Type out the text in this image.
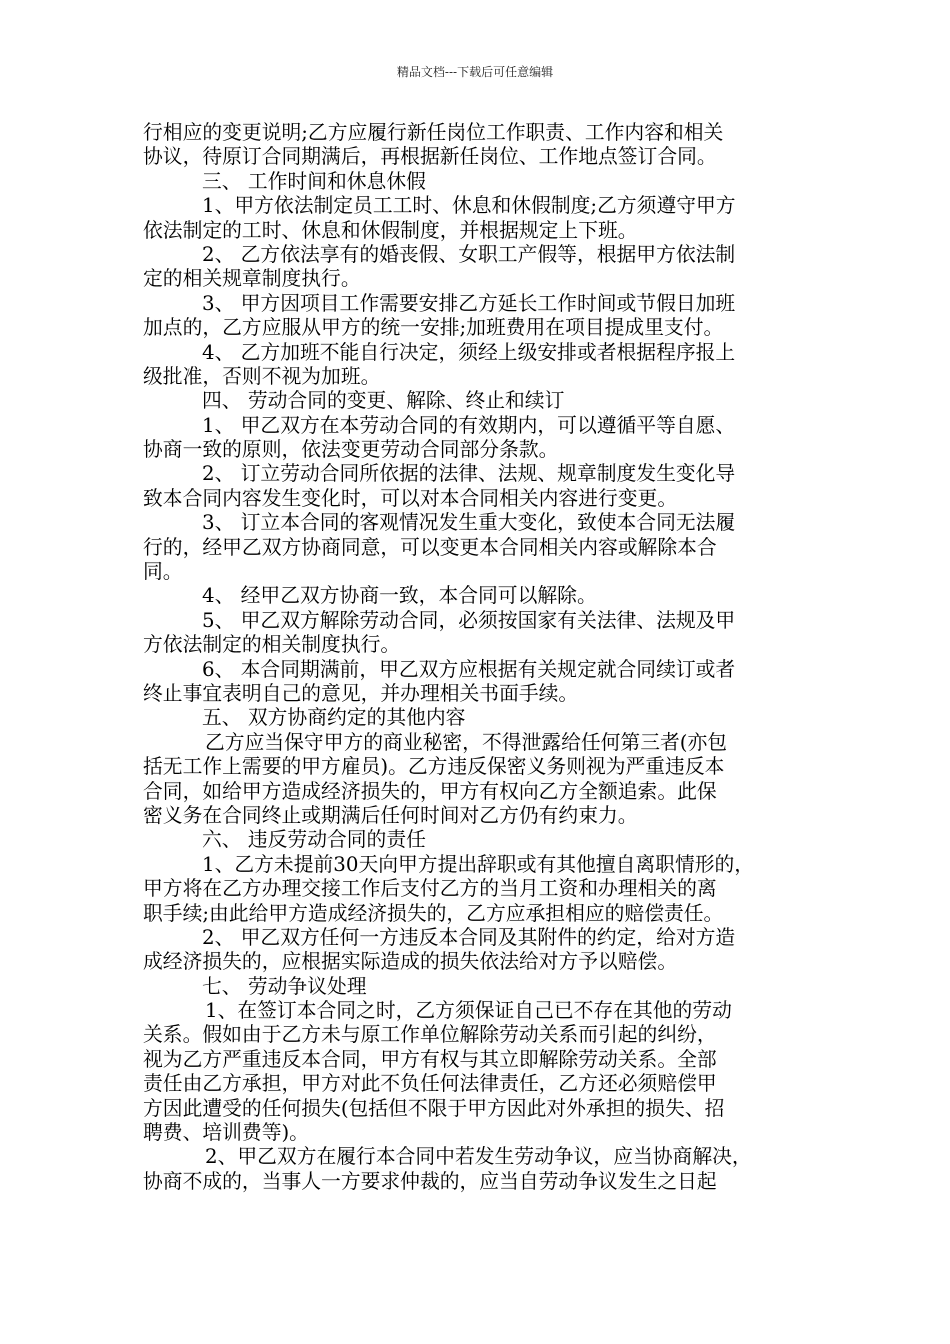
精品文档---下载后可任意编辑
行相应的变更说明;乙方应履行新任岗位工作职责、工作内容和相关
协议，待原订合同期满后，再根据新任岗位、工作地点签订合同。
三、 工作时间和休息休假
1、甲方依法制定员工工时、休息和休假制度;乙方须遵守甲方
依法制定的工时、休息和休假制度，并根据规定上下班。
2、 乙方依法享有的婚丧假、女职工产假等，根据甲方依法制
定的相关规章制度执行。
3、 甲方因项目工作需要安排乙方延长工作时间或节假日加班
加点的，乙方应服从甲方的统一安排;加班费用在项目提成里支付。
4、 乙方加班不能自行决定，须经上级安排或者根据程序报上
级批准，否则不视为加班。
四、 劳动合同的变更、解除、终止和续订
1、 甲乙双方在本劳动合同的有效期内，可以遵循平等自愿、
协商一致的原则，依法变更劳动合同部分条款。
2、 订立劳动合同所依据的法律、法规、规章制度发生变化导
致本合同内容发生变化时，可以对本合同相关内容进行变更。
3、 订立本合同的客观情况发生重大变化，致使本合同无法履
行的，经甲乙双方协商同意，可以变更本合同相关内容或解除本合
同。
4、 经甲乙双方协商一致，本合同可以解除。
5、 甲乙双方解除劳动合同，必须按国家有关法律、法规及甲
方依法制定的相关制度执行。
6、 本合同期满前，甲乙双方应根据有关规定就合同续订或者
终止事宜表明自己的意见，并办理相关书面手续。
五、 双方协商约定的其他内容
乙方应当保守甲方的商业秘密，不得泄露给任何第三者(亦包
括无工作上需要的甲方雇员)。乙方违反保密义务则视为严重违反本
合同，如给甲方造成经济损失的，甲方有权向乙方全额追索。此保
密义务在合同终止或期满后任何时间对乙方仍有约束力。
六、 违反劳动合同的责任
1、乙方未提前30天向甲方提出辞职或有其他擅自离职情形的，
甲方将在乙方办理交接工作后支付乙方的当月工资和办理相关的离
职手续;由此给甲方造成经济损失的，乙方应承担相应的赔偿责任。
2、 甲乙双方任何一方违反本合同及其附件的约定，给对方造
成经济损失的，应根据实际造成的损失依法给对方予以赔偿。
七、 劳动争议处理
1、在签订本合同之时，乙方须保证自己已不存在其他的劳动
关系。假如由于乙方未与原工作单位解除劳动关系而引起的纠纷，
视为乙方严重违反本合同，甲方有权与其立即解除劳动关系。全部
责任由乙方承担，甲方对此不负任何法律责任，乙方还必须赔偿甲
方因此遭受的任何损失(包括但不限于甲方因此对外承担的损失、招
聘费、培训费等)。
2、甲乙双方在履行本合同中若发生劳动争议，应当协商解决，
协商不成的，当事人一方要求仲裁的，应当自劳动争议发生之日起
